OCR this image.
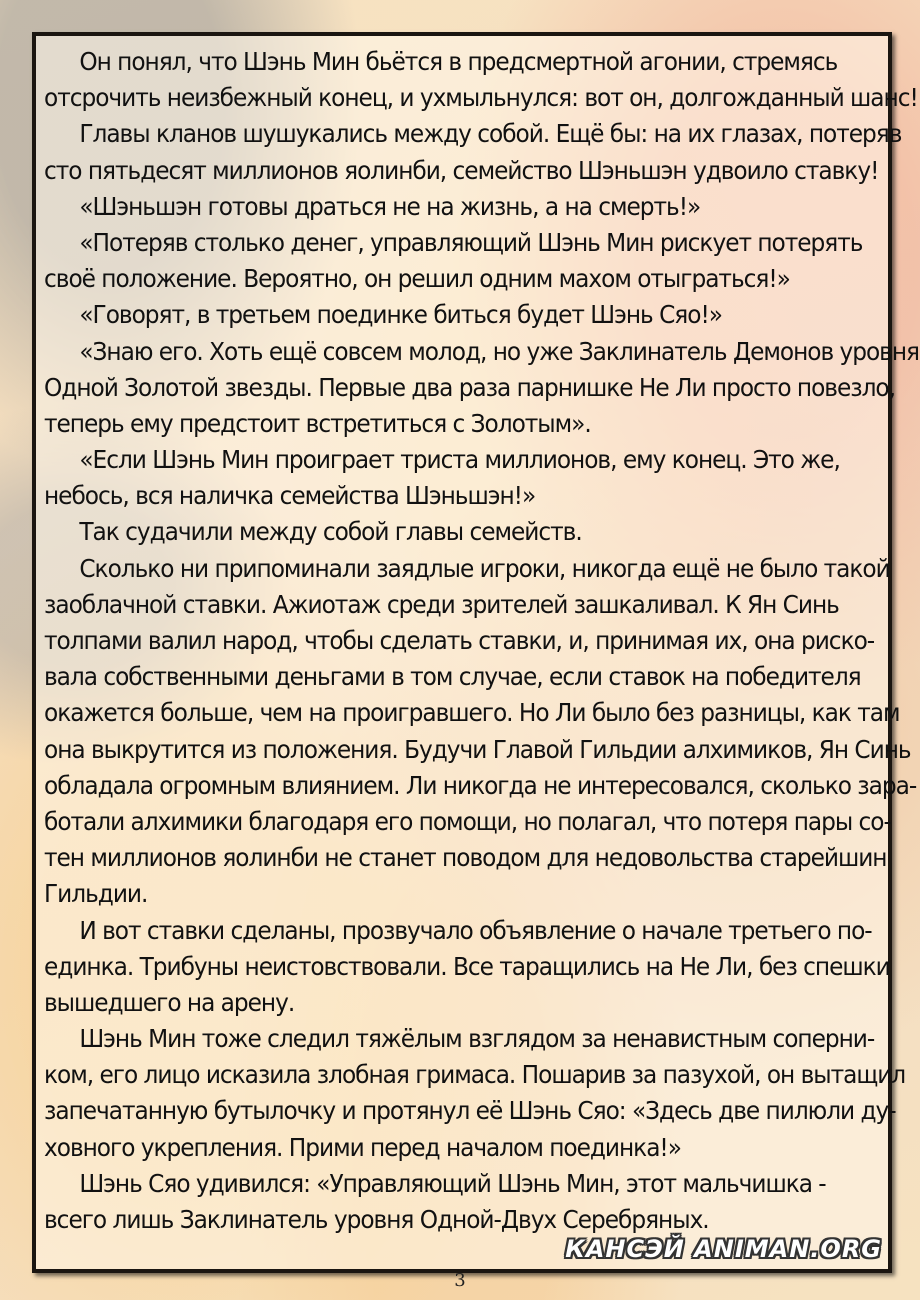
Он понял, что Шэнь Мин бьётся в предсмертной агонии, стремясь
отсрочить неизбежный конец, и ухмыльнулся: вот он, долгожданный шанс!
Главы кланов шушукались между собой. Ещё бы: на их глазах, потеряв
сто пятьдесят миллионов яолинби, семейство Шэньшэн удвоило ставку!
«Шэньшэн готовы драться не на жизнь, а на смерть!»
«Потеряв столько денег, управляющий Шэнь Мин рискует потерять
своё положение. Вероятно, он решил одним махом отыграться!»
«Говорят, в третьем поединке биться будет Шэнь Сяо!»
«Знаю его. Хоть ещё совсем молод, но уже Заклинатель Демонов уровня
Одной Золотой звезды. Первые два раза парнишке Не Ли просто повезло,
теперь ему предстоит встретиться с Золотым».
«Если Шэнь Мин проиграет триста миллионов, ему конец. Это же,
небось, вся наличка семейства Шэньшэн!»
Так судачили между собой главы семейств.
Сколько ни припоминали заядлые игроки, никогда ещё не было такой
заоблачной ставки. Ажиотаж среди зрителей зашкаливал. К Ян Синь
толпами валил народ, чтобы сделать ставки, и, принимая их, она риско-
вала собственными деньгами в том случае, если ставок на победителя
окажется больше, чем на проигравшего. Но Ли было без разницы, как там
она выкрутится из положения. Будучи Главой Гильдии алхимиков, Ян Синь
обладала огромным влиянием. Ли никогда не интересовался, сколько зара-
ботали алхимики благодаря его помощи, но полагал, что потеря пары со-
тен миллионов яолинби не станет поводом для недовольства старейшин
Гильдии.
И вот ставки сделаны, прозвучало объявление о начале третьего по-
единка. Трибуны неистовствовали. Все таращились на Не Ли, без спешки
вышедшего на арену.
Шэнь Мин тоже следил тяжёлым взглядом за ненавистным соперни-
ком, его лицо исказила злобная гримаса. Пошарив за пазухой, он вытащил
запечатанную бутылочку и протянул её Шэнь Сяо: «Здесь две пилюли ду-
ховного укрепления. Прими перед началом поединка!»
Шэнь Сяо удивился: «Управляющий Шэнь Мин, этот мальчишка -
всего лишь Заклинатель уровня Одной-Двух Серебряных.
КАНСЭЙ ANIMAN.ORG
3
